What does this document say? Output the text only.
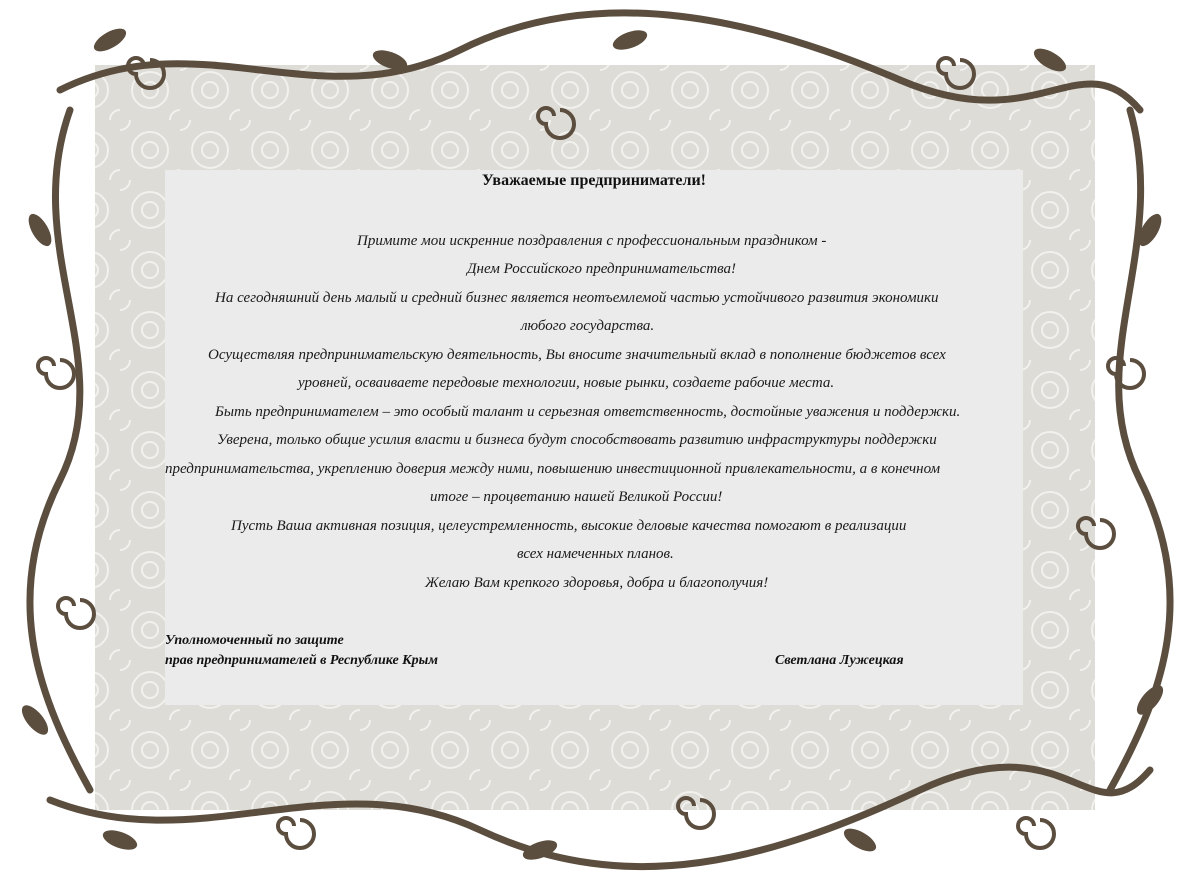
Уважаемые предприниматели!
Примите мои искренние поздравления с профессиональным праздником -
Днем Российского предпринимательства!
На сегодняшний день малый и средний бизнес является неотъемлемой частью устойчивого развития экономики
любого государства.
Осуществляя предпринимательскую деятельность, Вы вносите значительный вклад в пополнение бюджетов всех
уровней, осваиваете передовые технологии, новые рынки, создаете рабочие места.
Быть предпринимателем – это особый талант и серьезная ответственность, достойные уважения и поддержки.
Уверена, только общие усилия власти и бизнеса будут способствовать развитию инфраструктуры поддержки
предпринимательства, укреплению доверия между ними, повышению инвестиционной привлекательности, а в конечном
итоге – процветанию нашей Великой России!
Пусть Ваша активная позиция, целеустремленность, высокие деловые качества помогают в реализации
всех намеченных планов.
Желаю Вам крепкого здоровья, добра и благополучия!
Уполномоченный по защите
прав предпринимателей в Республике Крым	Светлана Лужецкая
